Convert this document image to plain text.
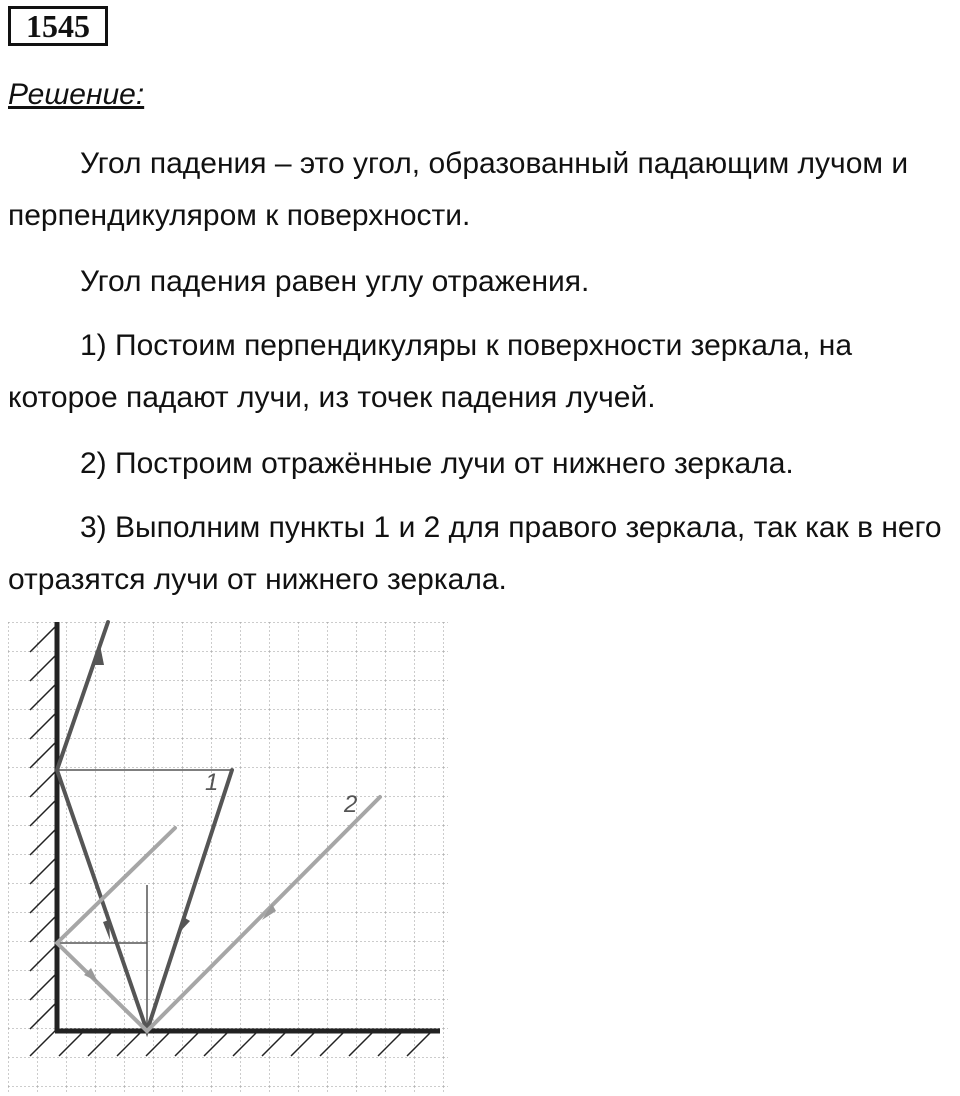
1545
Решение:
Угол падения – это угол, образованный падающим лучом и перпендикуляром к поверхности.
Угол падения равен углу отражения.
1) Постоим перпендикуляры к поверхности зеркала, на которое падают лучи, из точек падения лучей.
2) Построим отражённые лучи от нижнего зеркала.
3) Выполним пункты 1 и 2 для правого зеркала, так как в него отразятся лучи от нижнего зеркала.
1
2
